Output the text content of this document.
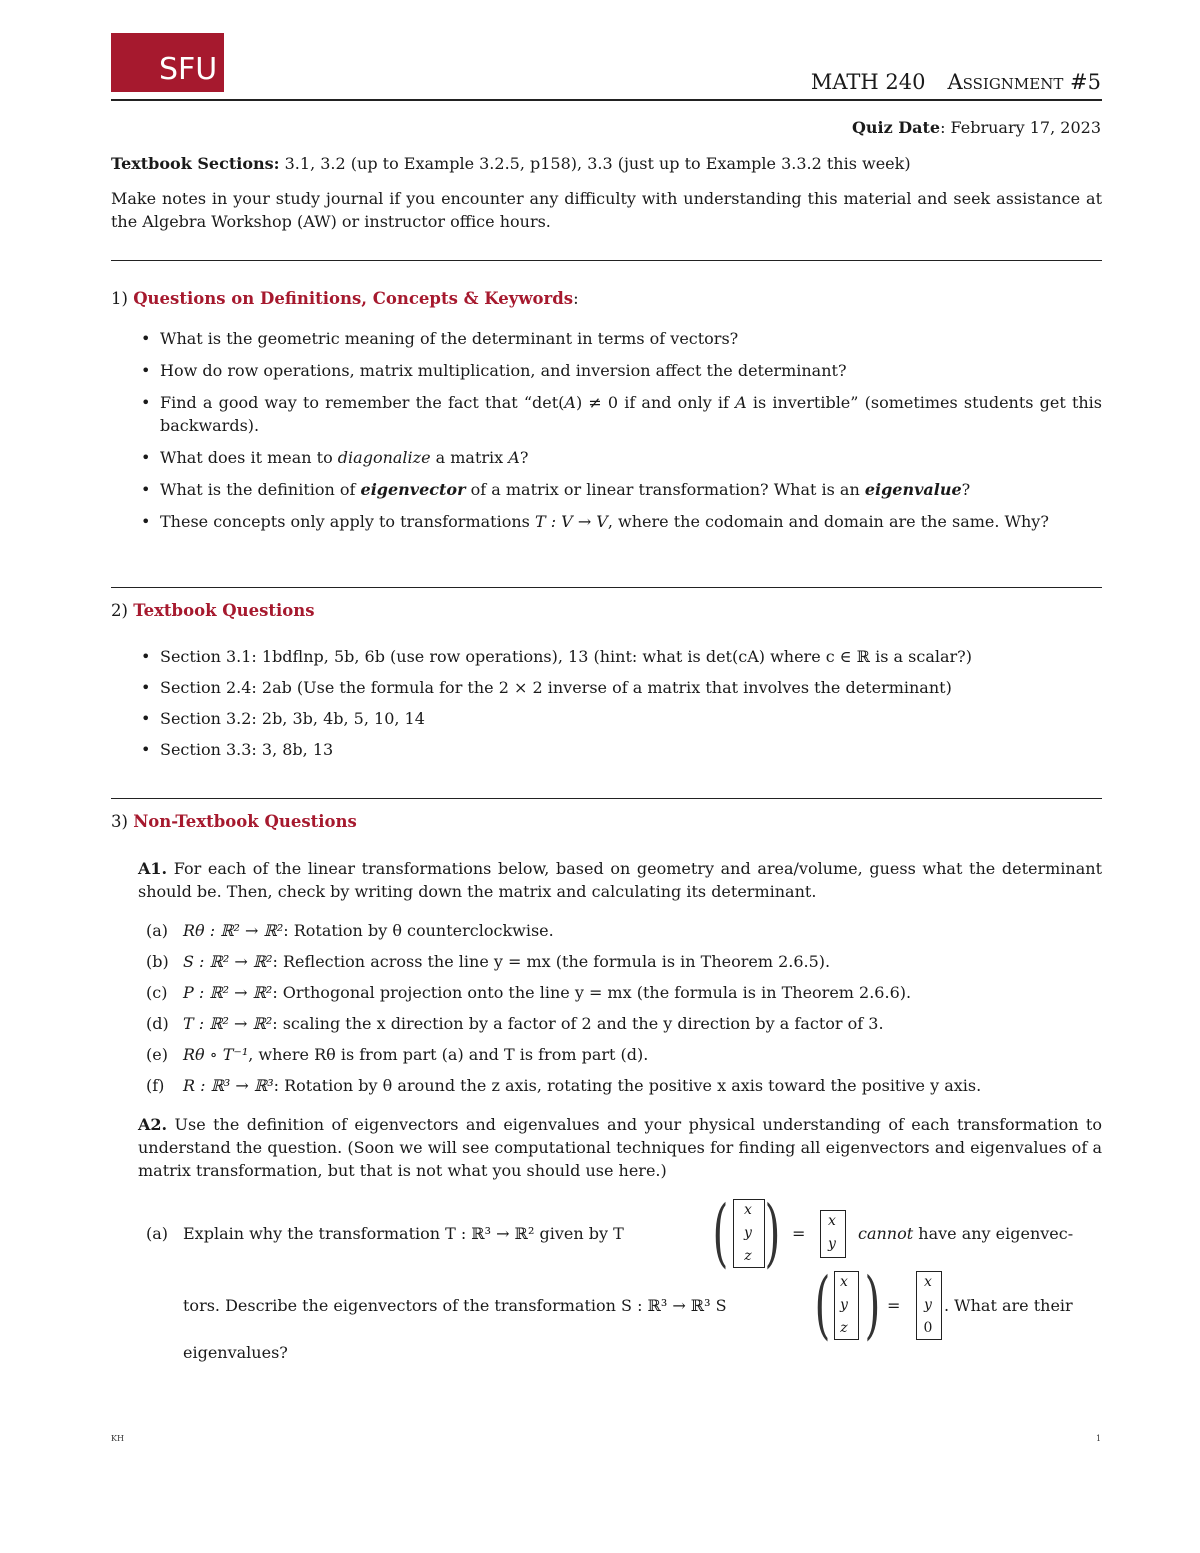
SFU	MATH 240 Assignment #5
Quiz Date: February 17, 2023
Textbook Sections: 3.1, 3.2 (up to Example 3.2.5, p158), 3.3 (just up to Example 3.3.2 this week)
Make notes in your study journal if you encounter any difficulty with understanding this material and seek assistance at the Algebra Workshop (AW) or instructor office hours.
1) Questions on Definitions, Concepts & Keywords:
• What is the geometric meaning of the determinant in terms of vectors?
• How do row operations, matrix multiplication, and inversion affect the determinant?
• Find a good way to remember the fact that “det(A) ≠ 0 if and only if A is invertible” (sometimes students get this backwards).
• What does it mean to diagonalize a matrix A?
• What is the definition of eigenvector of a matrix or linear transformation? What is an eigenvalue?
• These concepts only apply to transformations T : V → V, where the codomain and domain are the same. Why?
2) Textbook Questions
• Section 3.1: 1bdflnp, 5b, 6b (use row operations), 13 (hint: what is det(cA) where c ∈ ℝ is a scalar?)
• Section 2.4: 2ab (Use the formula for the 2 × 2 inverse of a matrix that involves the determinant)
• Section 3.2: 2b, 3b, 4b, 5, 10, 14
• Section 3.3: 3, 8b, 13
3) Non-Textbook Questions
A1. For each of the linear transformations below, based on geometry and area/volume, guess what the determinant should be. Then, check by writing down the matrix and calculating its determinant.
(a) Rθ : ℝ² → ℝ²: Rotation by θ counterclockwise.
(b) S : ℝ² → ℝ²: Reflection across the line y = mx (the formula is in Theorem 2.6.5).
(c) P : ℝ² → ℝ²: Orthogonal projection onto the line y = mx (the formula is in Theorem 2.6.6).
(d) T : ℝ² → ℝ²: scaling the x direction by a factor of 2 and the y direction by a factor of 3.
(e) Rθ ∘ T⁻¹, where Rθ is from part (a) and T is from part (d).
(f) R : ℝ³ → ℝ³: Rotation by θ around the z axis, rotating the positive x axis toward the positive y axis.
A2. Use the definition of eigenvectors and eigenvalues and your physical understanding of each transformation to understand the question. (Soon we will see computational techniques for finding all eigenvectors and eigenvalues of a matrix transformation, but that is not what you should use here.)
(a) Explain why the transformation T : ℝ³ → ℝ² given by T (	x
y
z ) =
x
y
cannot have any eigenvec-
tors. Describe the eigenvectors of the transformation S : ℝ³ → ℝ³ S ( x
y
z ) =
x
y
0
. What are their
eigenvalues?
KH	1
